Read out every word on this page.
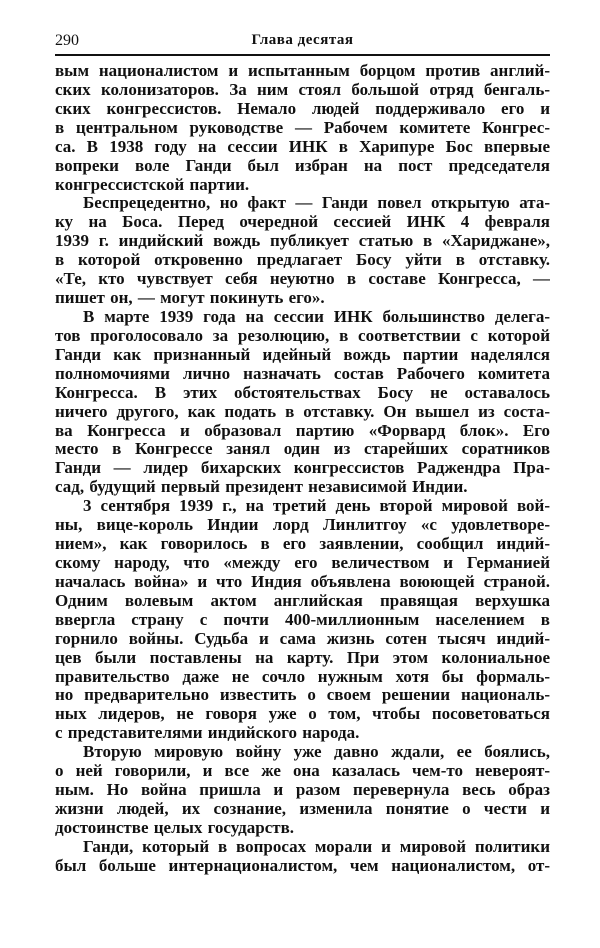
290	Глава десятая
вым националистом и испытанным борцом против англий-
ских колонизаторов. За ним стоял большой отряд бенгаль-
ских конгрессистов. Немало людей поддерживало его и
в центральном руководстве — Рабочем комитете Конгрес-
са. В 1938 году на сессии ИНК в Харипуре Бос впервые
вопреки воле Ганди был избран на пост председателя
конгрессистской партии.
Беспрецедентно, но факт — Ганди повел открытую ата-
ку на Боса. Перед очередной сессией ИНК 4 февраля
1939 г. индийский вождь публикует статью в «Хариджане»,
в которой откровенно предлагает Босу уйти в отставку.
«Те, кто чувствует себя неуютно в составе Конгресса, —
пишет он, — могут покинуть его».
В марте 1939 года на сессии ИНК большинство делега-
тов проголосовало за резолюцию, в соответствии с которой
Ганди как признанный идейный вождь партии наделялся
полномочиями лично назначать состав Рабочего комитета
Конгресса. В этих обстоятельствах Босу не оставалось
ничего другого, как подать в отставку. Он вышел из соста-
ва Конгресса и образовал партию «Форвард блок». Его
место в Конгрессе занял один из старейших соратников
Ганди — лидер бихарских конгрессистов Раджендра Пра-
сад, будущий первый президент независимой Индии.
3 сентября 1939 г., на третий день второй мировой вой-
ны, вице-король Индии лорд Линлитгоу «с удовлетворе-
нием», как говорилось в его заявлении, сообщил индий-
скому народу, что «между его величеством и Германией
началась война» и что Индия объявлена воюющей страной.
Одним волевым актом английская правящая верхушка
ввергла страну с почти 400-миллионным населением в
горнило войны. Судьба и сама жизнь сотен тысяч индий-
цев были поставлены на карту. При этом колониальное
правительство даже не сочло нужным хотя бы формаль-
но предварительно известить о своем решении националь-
ных лидеров, не говоря уже о том, чтобы посоветоваться
с представителями индийского народа.
Вторую мировую войну уже давно ждали, ее боялись,
о ней говорили, и все же она казалась чем-то невероят-
ным. Но война пришла и разом перевернула весь образ
жизни людей, их сознание, изменила понятие о чести и
достоинстве целых государств.
Ганди, который в вопросах морали и мировой политики
был больше интернационалистом, чем националистом, от-
